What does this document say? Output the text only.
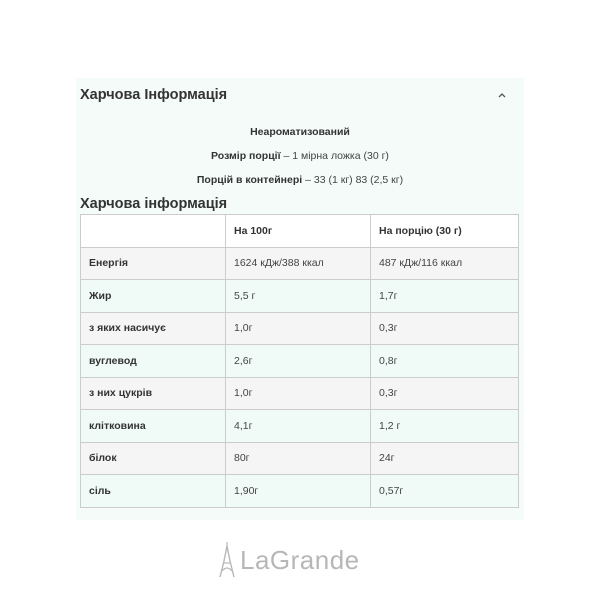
Харчова Інформація
Неароматизований
Розмір порції – 1 мірна ложка (30 г)
Порцій в контейнері – 33 (1 кг) 83 (2,5 кг)
Харчова інформація
	На 100г	На порцію (30 г)
Енергія	1624 кДж/388 ккал	487 кДж/116 ккал
Жир	5,5 г	1,7г
з яких насичує	1,0г	0,3г
вуглевод	2,6г	0,8г
з них цукрів	1,0г	0,3г
клітковина	4,1г	1,2 г
білок	80г	24г
сіль	1,90г	0,57г
LaGrande
